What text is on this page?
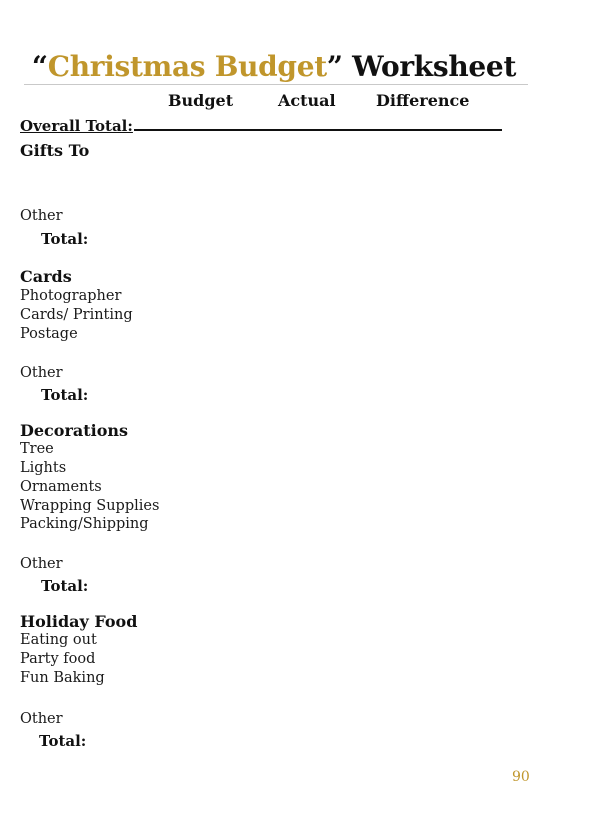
“Christmas Budget” Worksheet
Budget	Actual	Difference
Overall Total:
Gifts To
Other
Total:
Cards
Photographer
Cards/ Printing
Postage
Other
Total:
Decorations
Tree
Lights
Ornaments
Wrapping Supplies
Packing/Shipping
Other
Total:
Holiday Food
Eating out
Party food
Fun Baking
Other
Total:
90
